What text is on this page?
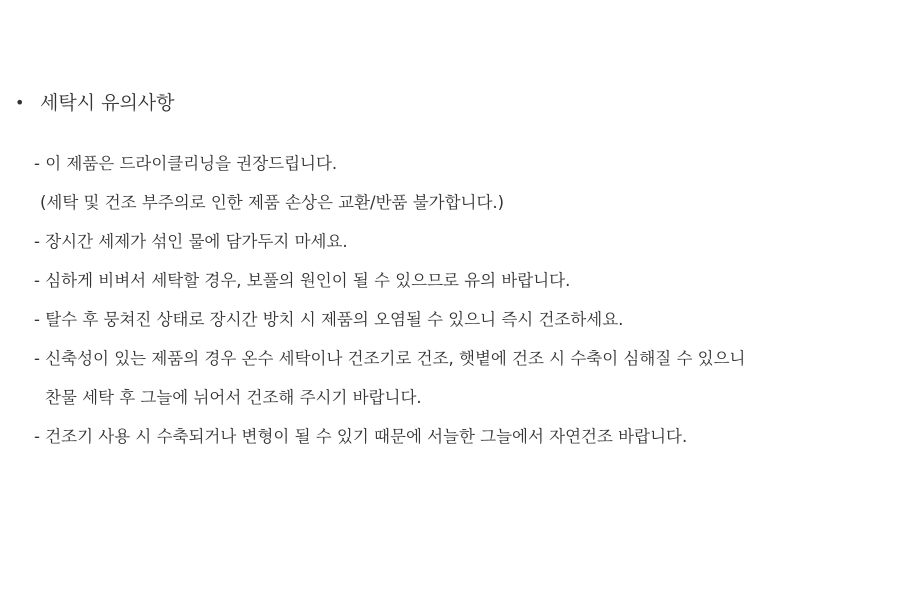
• 세탁시 유의사항
- 이 제품은 드라이클리닝을 권장드립니다.
(세탁 및 건조 부주의로 인한 제품 손상은 교환/반품 불가합니다.)
- 장시간 세제가 섞인 물에 담가두지 마세요.
- 심하게 비벼서 세탁할 경우, 보풀의 원인이 될 수 있으므로 유의 바랍니다.
- 탈수 후 뭉쳐진 상태로 장시간 방치 시 제품의 오염될 수 있으니 즉시 건조하세요.
- 신축성이 있는 제품의 경우 온수 세탁이나 건조기로 건조, 햇볕에 건조 시 수축이 심해질 수 있으니
찬물 세탁 후 그늘에 뉘어서 건조해 주시기 바랍니다.
- 건조기 사용 시 수축되거나 변형이 될 수 있기 때문에 서늘한 그늘에서 자연건조 바랍니다.
